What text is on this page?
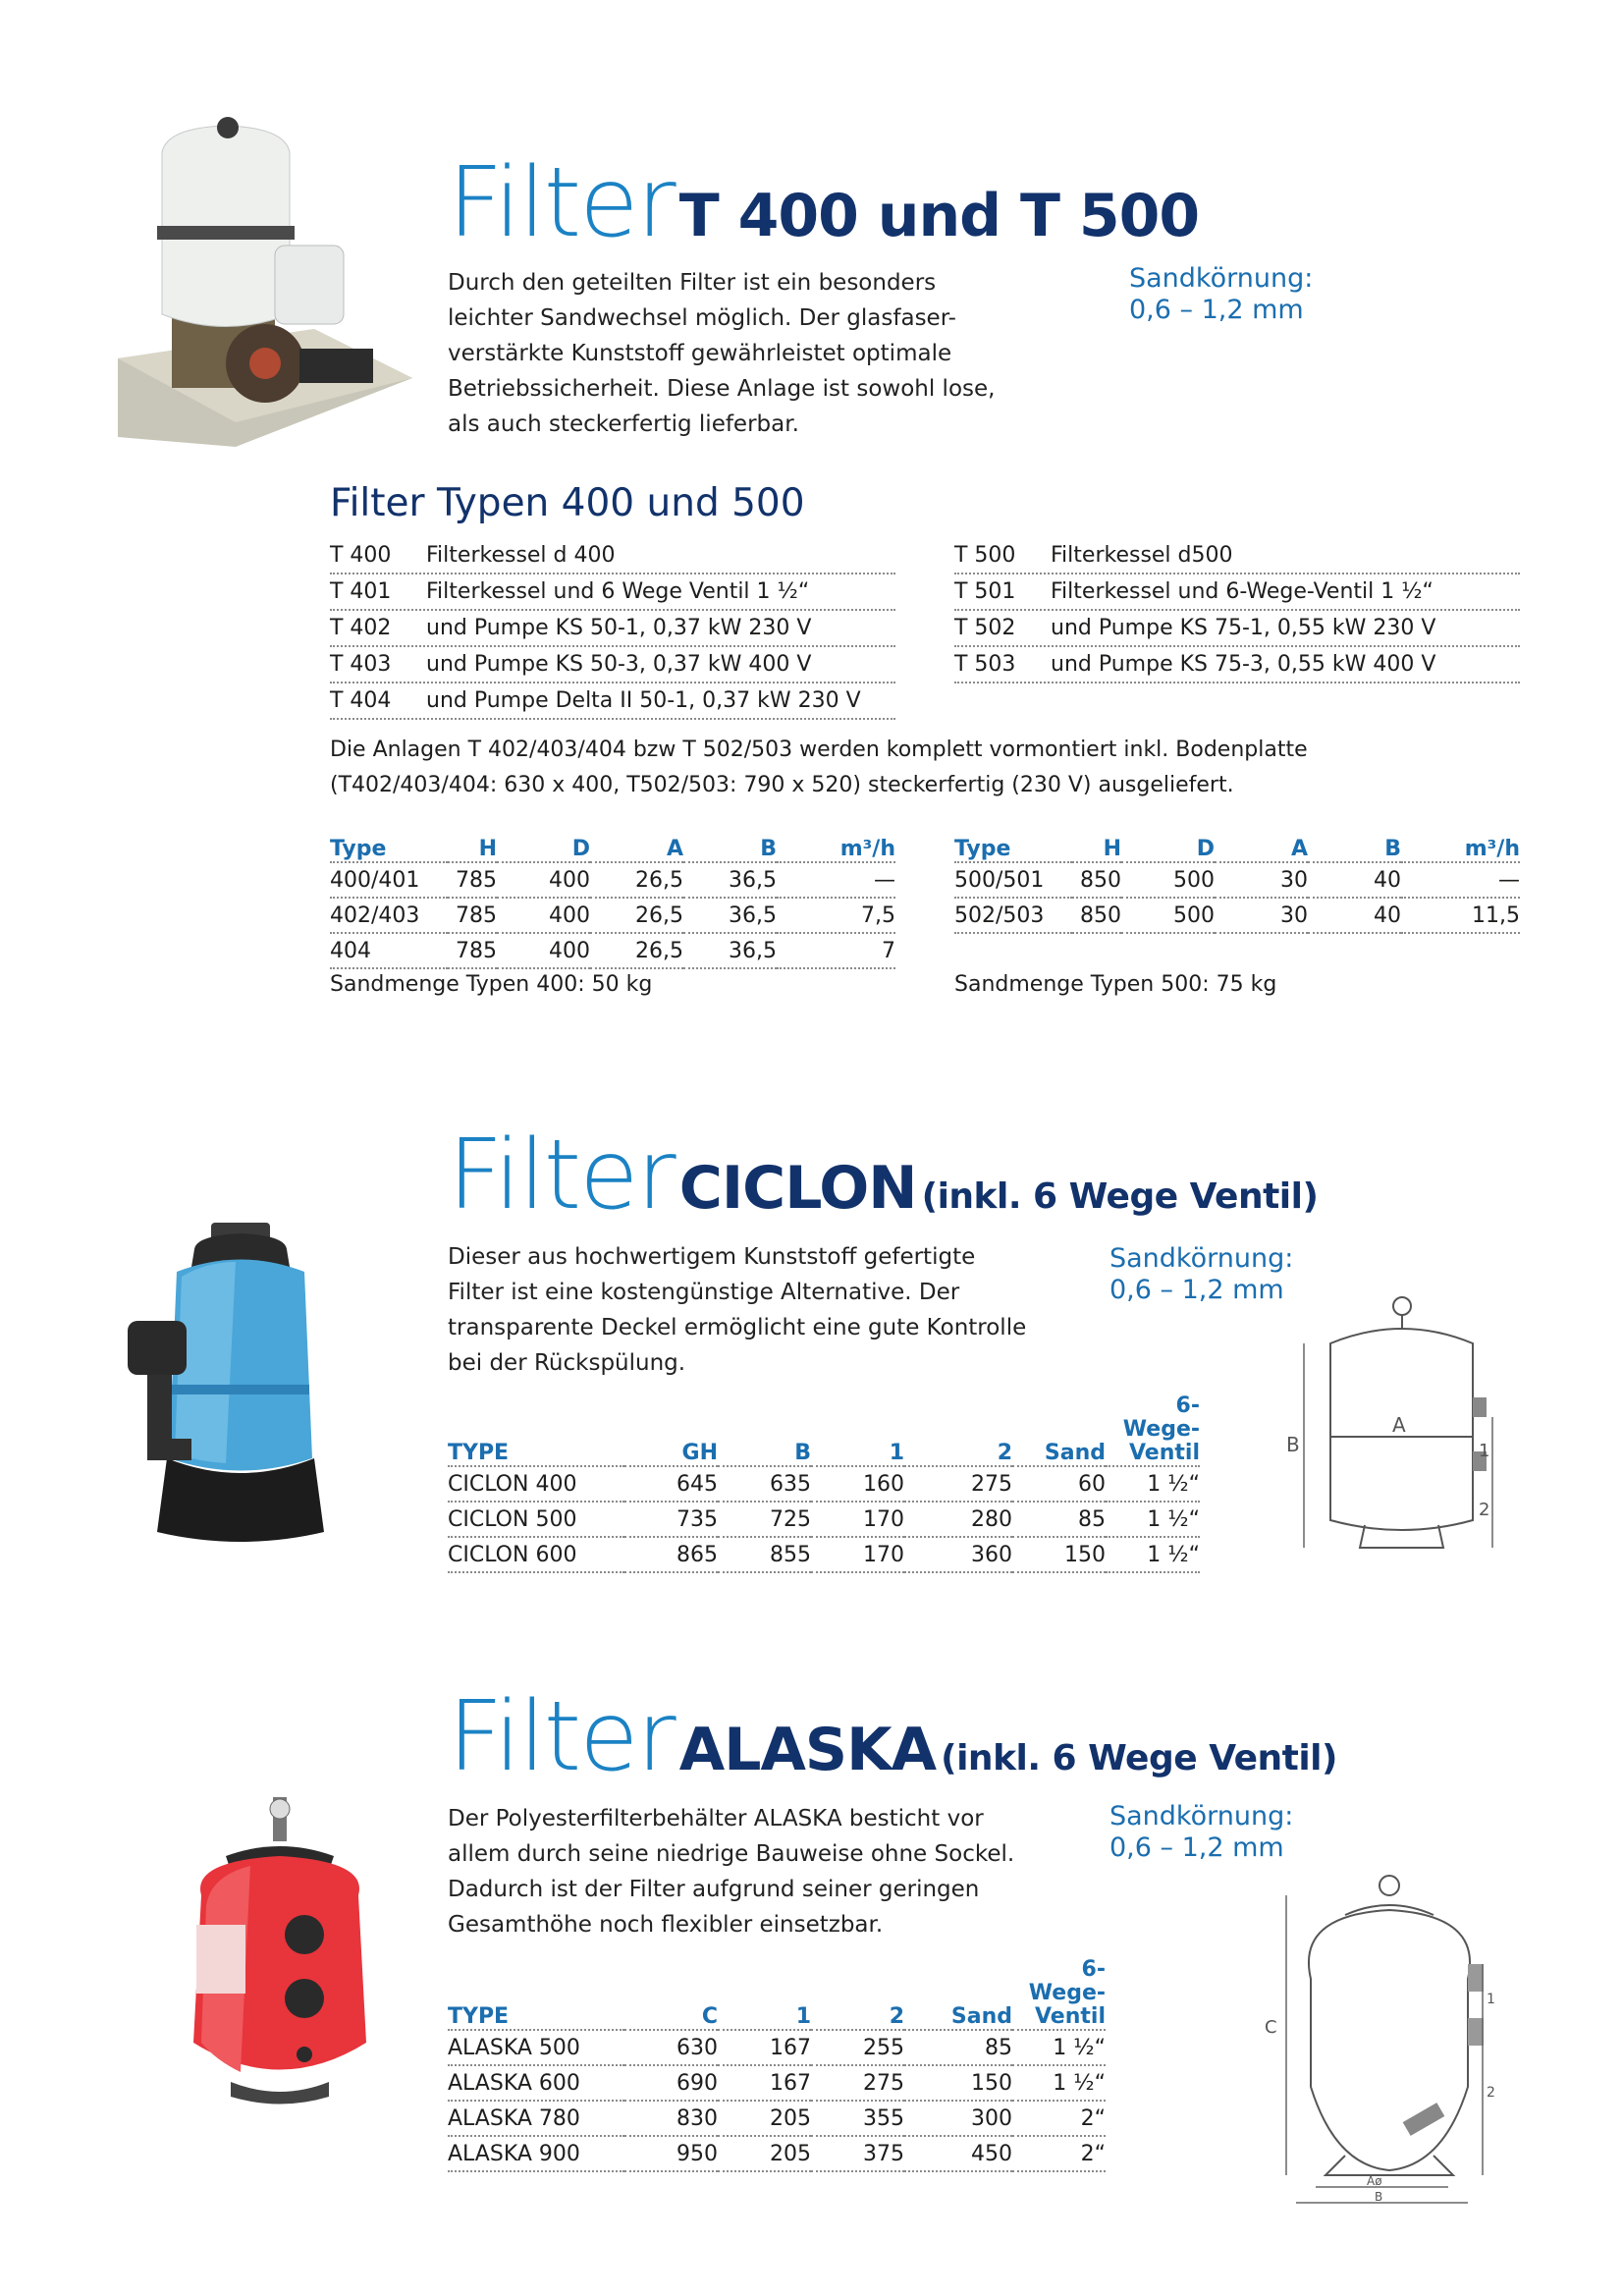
Filter T 400 und T 500
Durch den geteilten Filter ist ein besonders
leichter Sandwechsel möglich. Der glasfaser-
verstärkte Kunststoff gewährleistet optimale
Betriebssicherheit. Diese Anlage ist sowohl lose,
als auch steckerfertig lieferbar.
Sandkörnung:
0,6 – 1,2 mm
Filter Typen 400 und 500
T 400	Filterkessel d 400
T 401	Filterkessel und 6 Wege Ventil 1 ½“
T 402	und Pumpe KS 50-1, 0,37 kW 230 V
T 403	und Pumpe KS 50-3, 0,37 kW 400 V
T 404	und Pumpe Delta II 50-1, 0,37 kW 230 V
T 500	Filterkessel d500
T 501	Filterkessel und 6-Wege-Ventil 1 ½“
T 502	und Pumpe KS 75-1, 0,55 kW 230 V
T 503	und Pumpe KS 75-3, 0,55 kW 400 V
Die Anlagen T 402/403/404 bzw T 502/503 werden komplett vormontiert inkl. Bodenplatte
(T402/403/404: 630 x 400, T502/503: 790 x 520) steckerfertig (230 V) ausgeliefert.
Type	H	D	A	B	m³/h
400/401	785	400	26,5	36,5	—
402/403	785	400	26,5	36,5	7,5
404	785	400	26,5	36,5	7
Type	H	D	A	B	m³/h
500/501	850	500	30	40	—
502/503	850	500	30	40	11,5
Sandmenge Typen 400: 50 kg	Sandmenge Typen 500: 75 kg
Filter CICLON (inkl. 6 Wege Ventil)
Dieser aus hochwertigem Kunststoff gefertigte
Filter ist eine kostengünstige Alternative. Der
transparente Deckel ermöglicht eine gute Kontrolle
bei der Rückspülung.
Sandkörnung:
0,6 – 1,2 mm
TYPE	GH	B	1	2	Sand	6-Wege-
Ventil

CICLON 400	645	635	160	275	60	1 ½“
CICLON 500	735	725	170	280	85	1 ½“
CICLON 600	865	855	170	360	150	1 ½“
A
B	1
2
Filter ALASKA (inkl. 6 Wege Ventil)
Der Polyesterfilterbehälter ALASKA besticht vor
allem durch seine niedrige Bauweise ohne Sockel.
Dadurch ist der Filter aufgrund seiner geringen
Gesamthöhe noch flexibler einsetzbar.
Sandkörnung:
0,6 – 1,2 mm
TYPE	C	1	2	Sand	6-Wege-
Ventil

ALASKA 500	630	167	255	85	1 ½“
ALASKA 600	690	167	275	150	1 ½“
ALASKA 780	830	205	355	300	2“
ALASKA 900	950	205	375	450	2“
C
1
2
Aø
B
